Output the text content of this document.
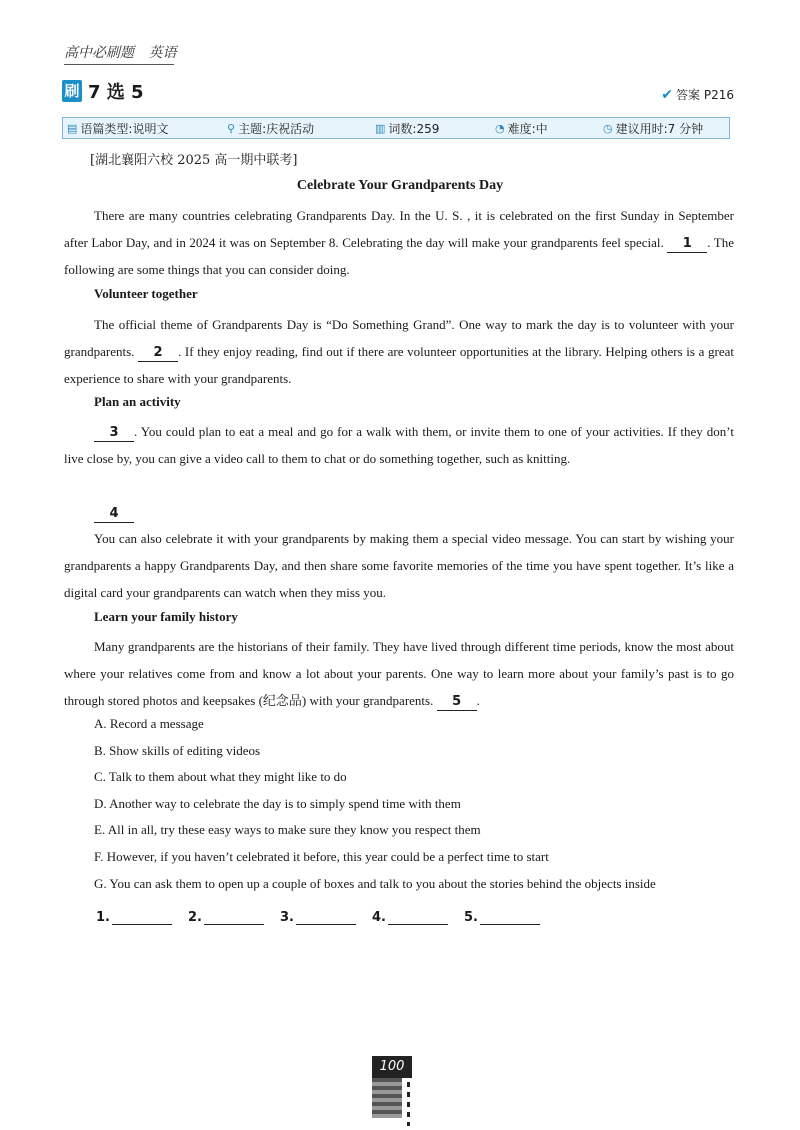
高中必刷题 英语
刷 7 选 5	✔ 答案 P216
▤ 语篇类型:说明文	⚲ 主题:庆祝活动	▥ 词数:259	◔ 难度:中	◷ 建议用时:7 分钟
[湖北襄阳六校 2025 高一期中联考]
Celebrate Your Grandparents Day
There are many countries celebrating Grandparents Day. In the U. S. , it is celebrated on the first Sunday in September after Labor Day, and in 2024 it was on September 8. Celebrating the day will make your grandparents feel special. 1 . The following are some things that you can consider doing.
Volunteer together
The official theme of Grandparents Day is “Do Something Grand”. One way to mark the day is to volunteer with your grandparents. 2 . If they enjoy reading, find out if there are volunteer opportunities at the library. Helping others is a great experience to share with your grandparents.
Plan an activity
3 . You could plan to eat a meal and go for a walk with them, or invite them to one of your activities. If they don’t live close by, you can give a video call to them to chat or do something together, such as knitting.
4
You can also celebrate it with your grandparents by making them a special video message. You can start by wishing your grandparents a happy Grandparents Day, and then share some favorite memories of the time you have spent together. It’s like a digital card your grandparents can watch when they miss you.
Learn your family history
Many grandparents are the historians of their family. They have lived through different time periods, know the most about where your relatives come from and know a lot about your parents. One way to learn more about your family’s past is to go through stored photos and keepsakes (纪念品) with your grandparents. 5 .
A. Record a message
B. Show skills of editing videos
C. Talk to them about what they might like to do
D. Another way to celebrate the day is to simply spend time with them
E. All in all, try these easy ways to make sure they know you respect them
F. However, if you haven’t celebrated it before, this year could be a perfect time to start
G. You can ask them to open up a couple of boxes and talk to you about the stories behind the objects inside
1.	2.	3.	4.	5.
100
